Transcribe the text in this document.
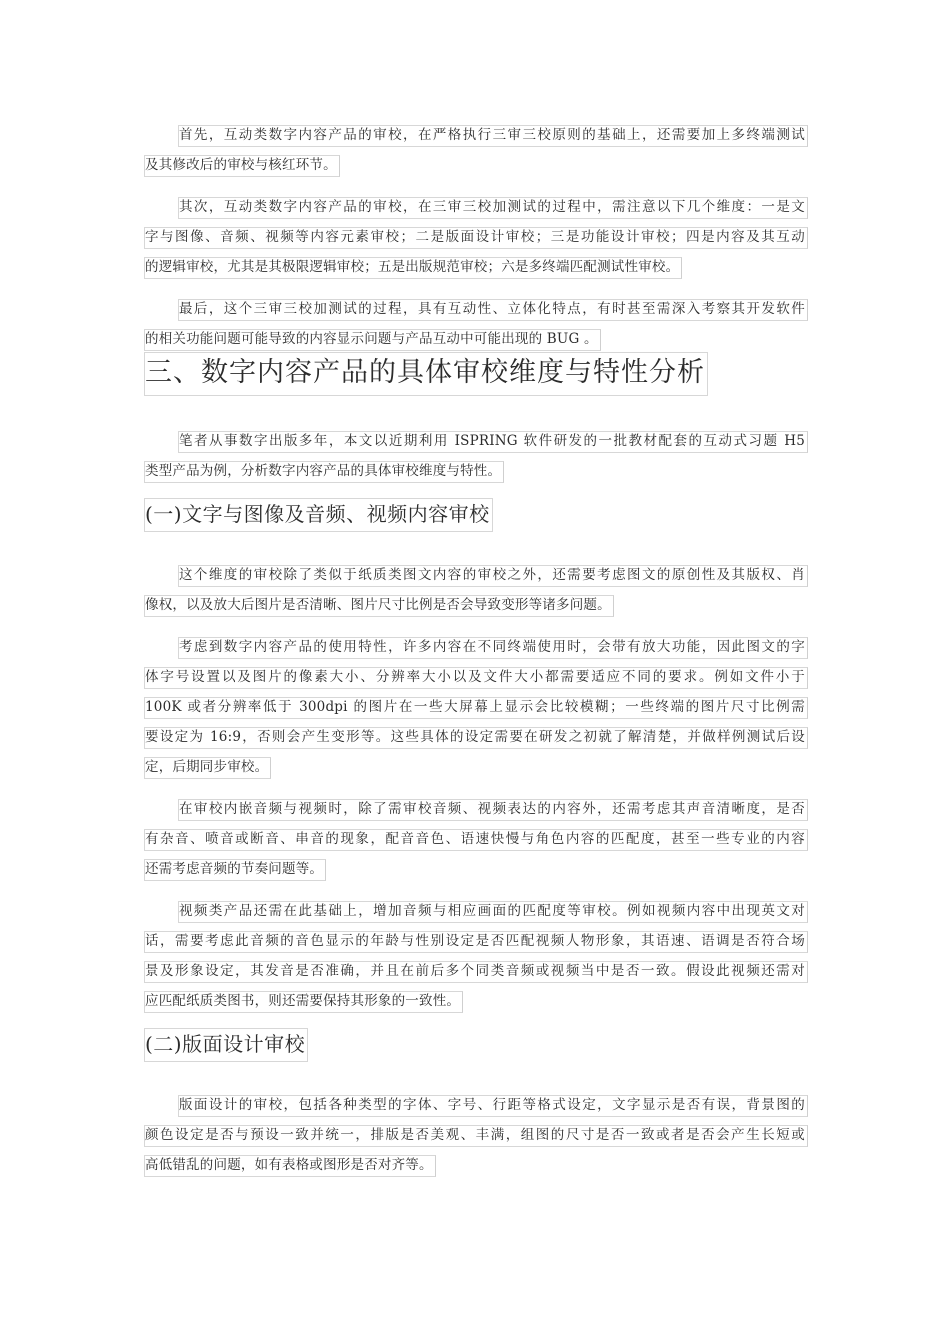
首先，互动类数字内容产品的审校，在严格执行三审三校原则的基础上，还需要加上多终端测试
及其修改后的审校与核红环节。
其次，互动类数字内容产品的审校，在三审三校加测试的过程中，需注意以下几个维度：一是文
字与图像、音频、视频等内容元素审校；二是版面设计审校；三是功能设计审校；四是内容及其互动
的逻辑审校，尤其是其极限逻辑审校；五是出版规范审校；六是多终端匹配测试性审校。
最后，这个三审三校加测试的过程，具有互动性、立体化特点，有时甚至需深入考察其开发软件
的相关功能问题可能导致的内容显示问题与产品互动中可能出现的 BUG 。
三、数字内容产品的具体审校维度与特性分析
笔者从事数字出版多年，本文以近期利用 ISPRING 软件研发的一批教材配套的互动式习题 H5
类型产品为例，分析数字内容产品的具体审校维度与特性。
(一)文字与图像及音频、视频内容审校
这个维度的审校除了类似于纸质类图文内容的审校之外，还需要考虑图文的原创性及其版权、肖
像权，以及放大后图片是否清晰、图片尺寸比例是否会导致变形等诸多问题。
考虑到数字内容产品的使用特性，许多内容在不同终端使用时，会带有放大功能，因此图文的字
体字号设置以及图片的像素大小、分辨率大小以及文件大小都需要适应不同的要求。例如文件小于
100K 或者分辨率低于 300dpi 的图片在一些大屏幕上显示会比较模糊；一些终端的图片尺寸比例需
要设定为 16:9，否则会产生变形等。这些具体的设定需要在研发之初就了解清楚，并做样例测试后设
定，后期同步审校。
在审校内嵌音频与视频时，除了需审校音频、视频表达的内容外，还需考虑其声音清晰度，是否
有杂音、喷音或断音、串音的现象，配音音色、语速快慢与角色内容的匹配度，甚至一些专业的内容
还需考虑音频的节奏问题等。
视频类产品还需在此基础上，增加音频与相应画面的匹配度等审校。例如视频内容中出现英文对
话，需要考虑此音频的音色显示的年龄与性别设定是否匹配视频人物形象，其语速、语调是否符合场
景及形象设定，其发音是否准确，并且在前后多个同类音频或视频当中是否一致。假设此视频还需对
应匹配纸质类图书，则还需要保持其形象的一致性。
(二)版面设计审校
版面设计的审校，包括各种类型的字体、字号、行距等格式设定，文字显示是否有误，背景图的
颜色设定是否与预设一致并统一，排版是否美观、丰满，组图的尺寸是否一致或者是否会产生长短或
高低错乱的问题，如有表格或图形是否对齐等。
